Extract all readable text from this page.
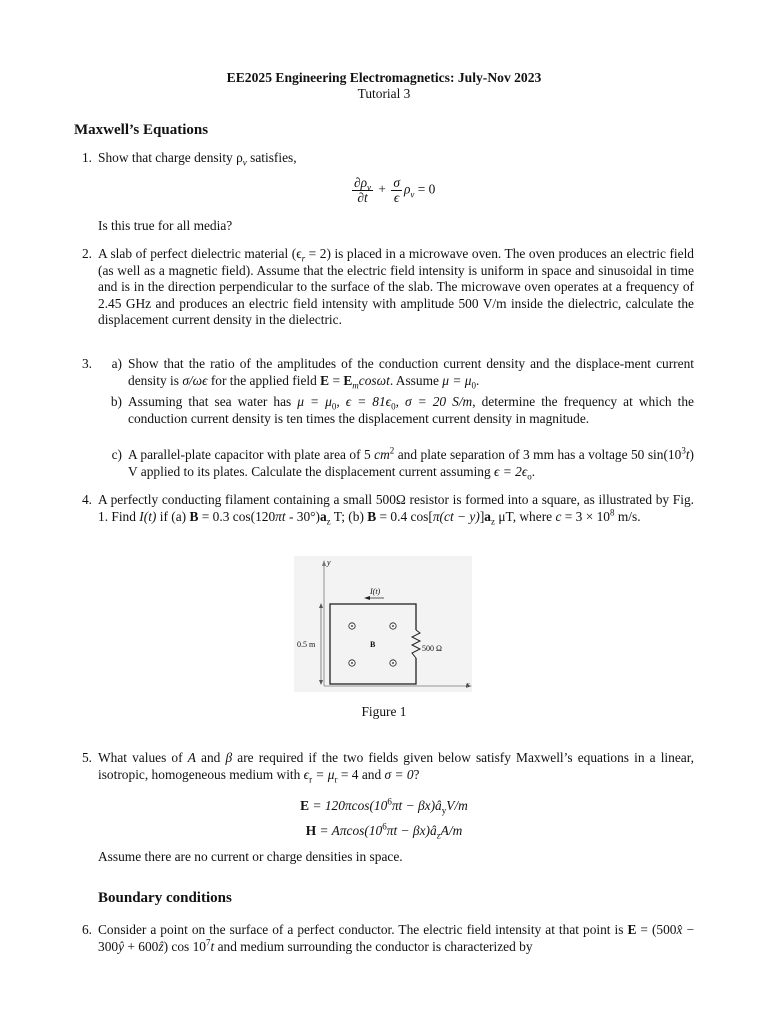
EE2025 Engineering Electromagnetics: July-Nov 2023
Tutorial 3
Maxwell’s Equations
1. Show that charge density $\rho_v$ satisfies,
$\frac{\partial\rho_v}{\partial t} + \frac{\sigma}{\epsilon} \rho_v = 0$
Is this true for all media?
2. A slab of perfect dielectric material $(\epsilon_r = 2)$ is placed in a microwave oven. The oven produces an electric field (as well as a magnetic field). Assume that the electric field intensity is uniform in space and sinusoidal in time and is in the direction perpendicular to the surface of the slab. The microwave oven operates at a frequency of 2.45 GHz and produces an electric field intensity with amplitude 500 V/m inside the dielectric, calculate the displacement current density in the dielectric.
3.	a) Show that the ratio of the amplitudes of the conduction current density and the displace-ment current density is σ/ωϵ for the applied field $E = E_m\cos\omega t$. Assume $\mu = \mu_0$.
b) Assuming that sea water has $\mu = \mu_0$, $\epsilon = 81\epsilon_0$, σ = 20 S/m, determine the frequency at which the conduction current density is ten times the displacement current density in magnitude.
c) A parallel-plate capacitor with plate area of 5 $cm^2$ and plate separation of 3 mm has a voltage 50 $\sin(10^3t)$ V applied to its plates. Calculate the displacement current assuming $\epsilon = 2\epsilon_o$.
4. A perfectly conducting filament containing a small 500Ω resistor is formed into a square, as illustrated by Fig. 1. Find I(t) if (a) B = 0.3 $\cos(120\pi t - 30^\circ)a_z$ T; (b) B = 0.4 $\cos[\pi(ct - y)]a_z$ μT, where $c = 3 \times 10^8$ m/s.
y
x
I(t)
0.5 m	B	500 Ω
Figure 1
5. What values of A and β are required if the two fields given below satisfy Maxwell’s equations in a linear, isotropic, homogeneous medium with $\epsilon_r = \mu_r = 4$ and σ = 0?
$E = 120\pi\cos(10^6\pi t$ − $\beta x)â_yV/m$
$H = A\pi\cos(10^6\pi t$ − $\beta x)â_zA/m$
Assume there are no current or charge densities in space.
Boundary conditions
6. Consider a point on the surface of a perfect conductor. The electric field intensity at that point is E = (500x̂ − 300ŷ + 600ẑ) $\cos 10^7t$ and medium surrounding the conductor is characterized by
